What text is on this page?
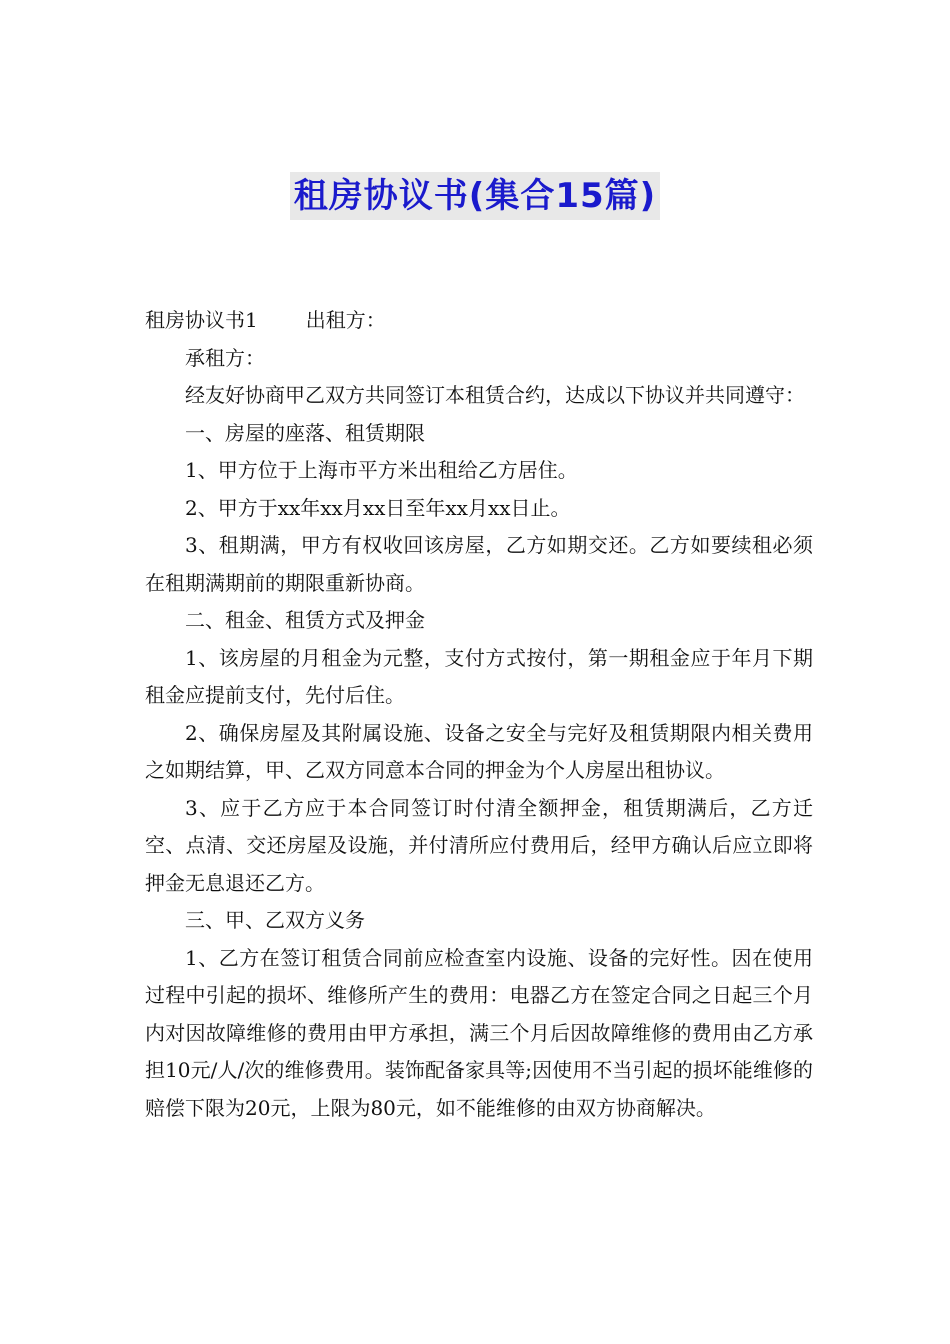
租房协议书(集合15篇)

租房协议书1 出租方：

承租方：

经友好协商甲乙双方共同签订本租赁合约，达成以下协议并共同遵守：

一、房屋的座落、租赁期限

1、甲方位于上海市平方米出租给乙方居住。

2、甲方于xx年xx月xx日至年xx月xx日止。

3、租期满，甲方有权收回该房屋，乙方如期交还。乙方如要续租必须在租期满期前的期限重新协商。

二、租金、租赁方式及押金

1、该房屋的月租金为元整，支付方式按付，第一期租金应于年月下期租金应提前支付，先付后住。

2、确保房屋及其附属设施、设备之安全与完好及租赁期限内相关费用之如期结算，甲、乙双方同意本合同的押金为个人房屋出租协议。

3、应于乙方应于本合同签订时付清全额押金，租赁期满后，乙方迁空、点清、交还房屋及设施，并付清所应付费用后，经甲方确认后应立即将押金无息退还乙方。

三、甲、乙双方义务

1、乙方在签订租赁合同前应检查室内设施、设备的完好性。因在使用过程中引起的损坏、维修所产生的费用：电器乙方在签定合同之日起三个月内对因故障维修的费用由甲方承担，满三个月后因故障维修的费用由乙方承担10元/人/次的维修费用。装饰配备家具等;因使用不当引起的损坏能维修的赔偿下限为20元，上限为80元，如不能维修的由双方协商解决。
